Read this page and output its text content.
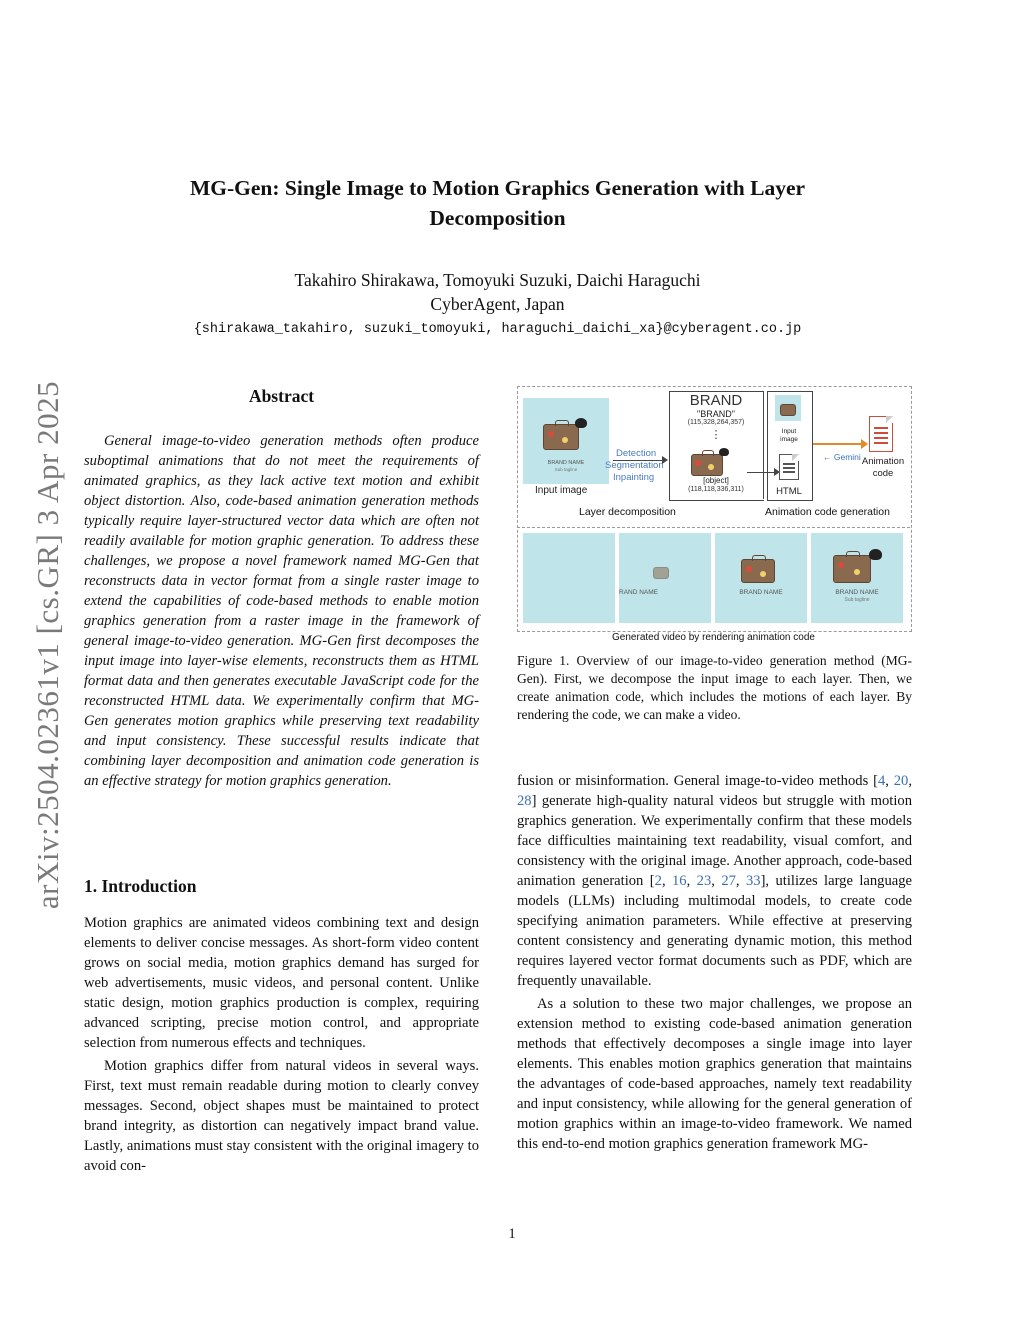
arXiv:2504.02361v1 [cs.GR] 3 Apr 2025
MG-Gen: Single Image to Motion Graphics Generation with Layer Decomposition
Takahiro Shirakawa, Tomoyuki Suzuki, Daichi Haraguchi
CyberAgent, Japan
{shirakawa_takahiro, suzuki_tomoyuki, haraguchi_daichi_xa}@cyberagent.co.jp
Abstract

General image-to-video generation methods often produce suboptimal animations that do not meet the requirements of animated graphics, as they lack active text motion and exhibit object distortion. Also, code-based animation generation methods typically require layer-structured vector data which are often not readily available for motion graphic generation. To address these challenges, we propose a novel framework named MG-Gen that reconstructs data in vector format from a single raster image to extend the capabilities of code-based methods to enable motion graphics generation from a raster image in the framework of general image-to-video generation. MG-Gen first decomposes the input image into layer-wise elements, reconstructs them as HTML format data and then generates executable JavaScript code for the reconstructed HTML data. We experimentally confirm that MG-Gen generates motion graphics while preserving text readability and input consistency. These successful results indicate that combining layer decomposition and animation code generation is an effective strategy for motion graphics generation.

1. Introduction

Motion graphics are animated videos combining text and design elements to deliver concise messages. As short-form video content grows on social media, motion graphics demand has surged for web advertisements, music videos, and personal content. Unlike static design, motion graphics production is complex, requiring advanced scripting, precise motion control, and appropriate selection from numerous effects and techniques.

Motion graphics differ from natural videos in several ways. First, text must remain readable during motion to clearly convey messages. Second, object shapes must be maintained to protect brand integrity, as distortion can negatively impact brand value. Lastly, animations must stay consistent with the original imagery to avoid con-

BRAND NAME
Sub tagline
Input image
Detection
Segmentation
Inpainting
BRAND
"BRAND"
(115,328,264,357)
⋮
[object]
(118,118,336,311)
Input
image
HTML
← Gemini Animation
code
Layer decomposition	Animation code generation
RAND NAME	BRAND NAME	BRAND NAME
Sub tagline
Generated video by rendering animation code

Figure 1. Overview of our image-to-video generation method (MG-Gen). First, we decompose the input image to each layer. Then, we create animation code, which includes the motions of each layer. By rendering the code, we can make a video.

fusion or misinformation. General image-to-video methods [4, 20, 28] generate high-quality natural videos but struggle with motion graphics generation. We experimentally confirm that these models face difficulties maintaining text readability, visual comfort, and consistency with the original image. Another approach, code-based animation generation [2, 16, 23, 27, 33], utilizes large language models (LLMs) including multimodal models, to create code specifying animation parameters. While effective at preserving content consistency and generating dynamic motion, this method requires layered vector format documents such as PDF, which are frequently unavailable.

As a solution to these two major challenges, we propose an extension method to existing code-based animation generation methods that effectively decomposes a single image into layer elements. This enables motion graphics generation that maintains the advantages of code-based approaches, namely text readability and input consistency, while allowing for the general generation of motion graphics within an image-to-video framework. We named this end-to-end motion graphics generation framework MG-

1
